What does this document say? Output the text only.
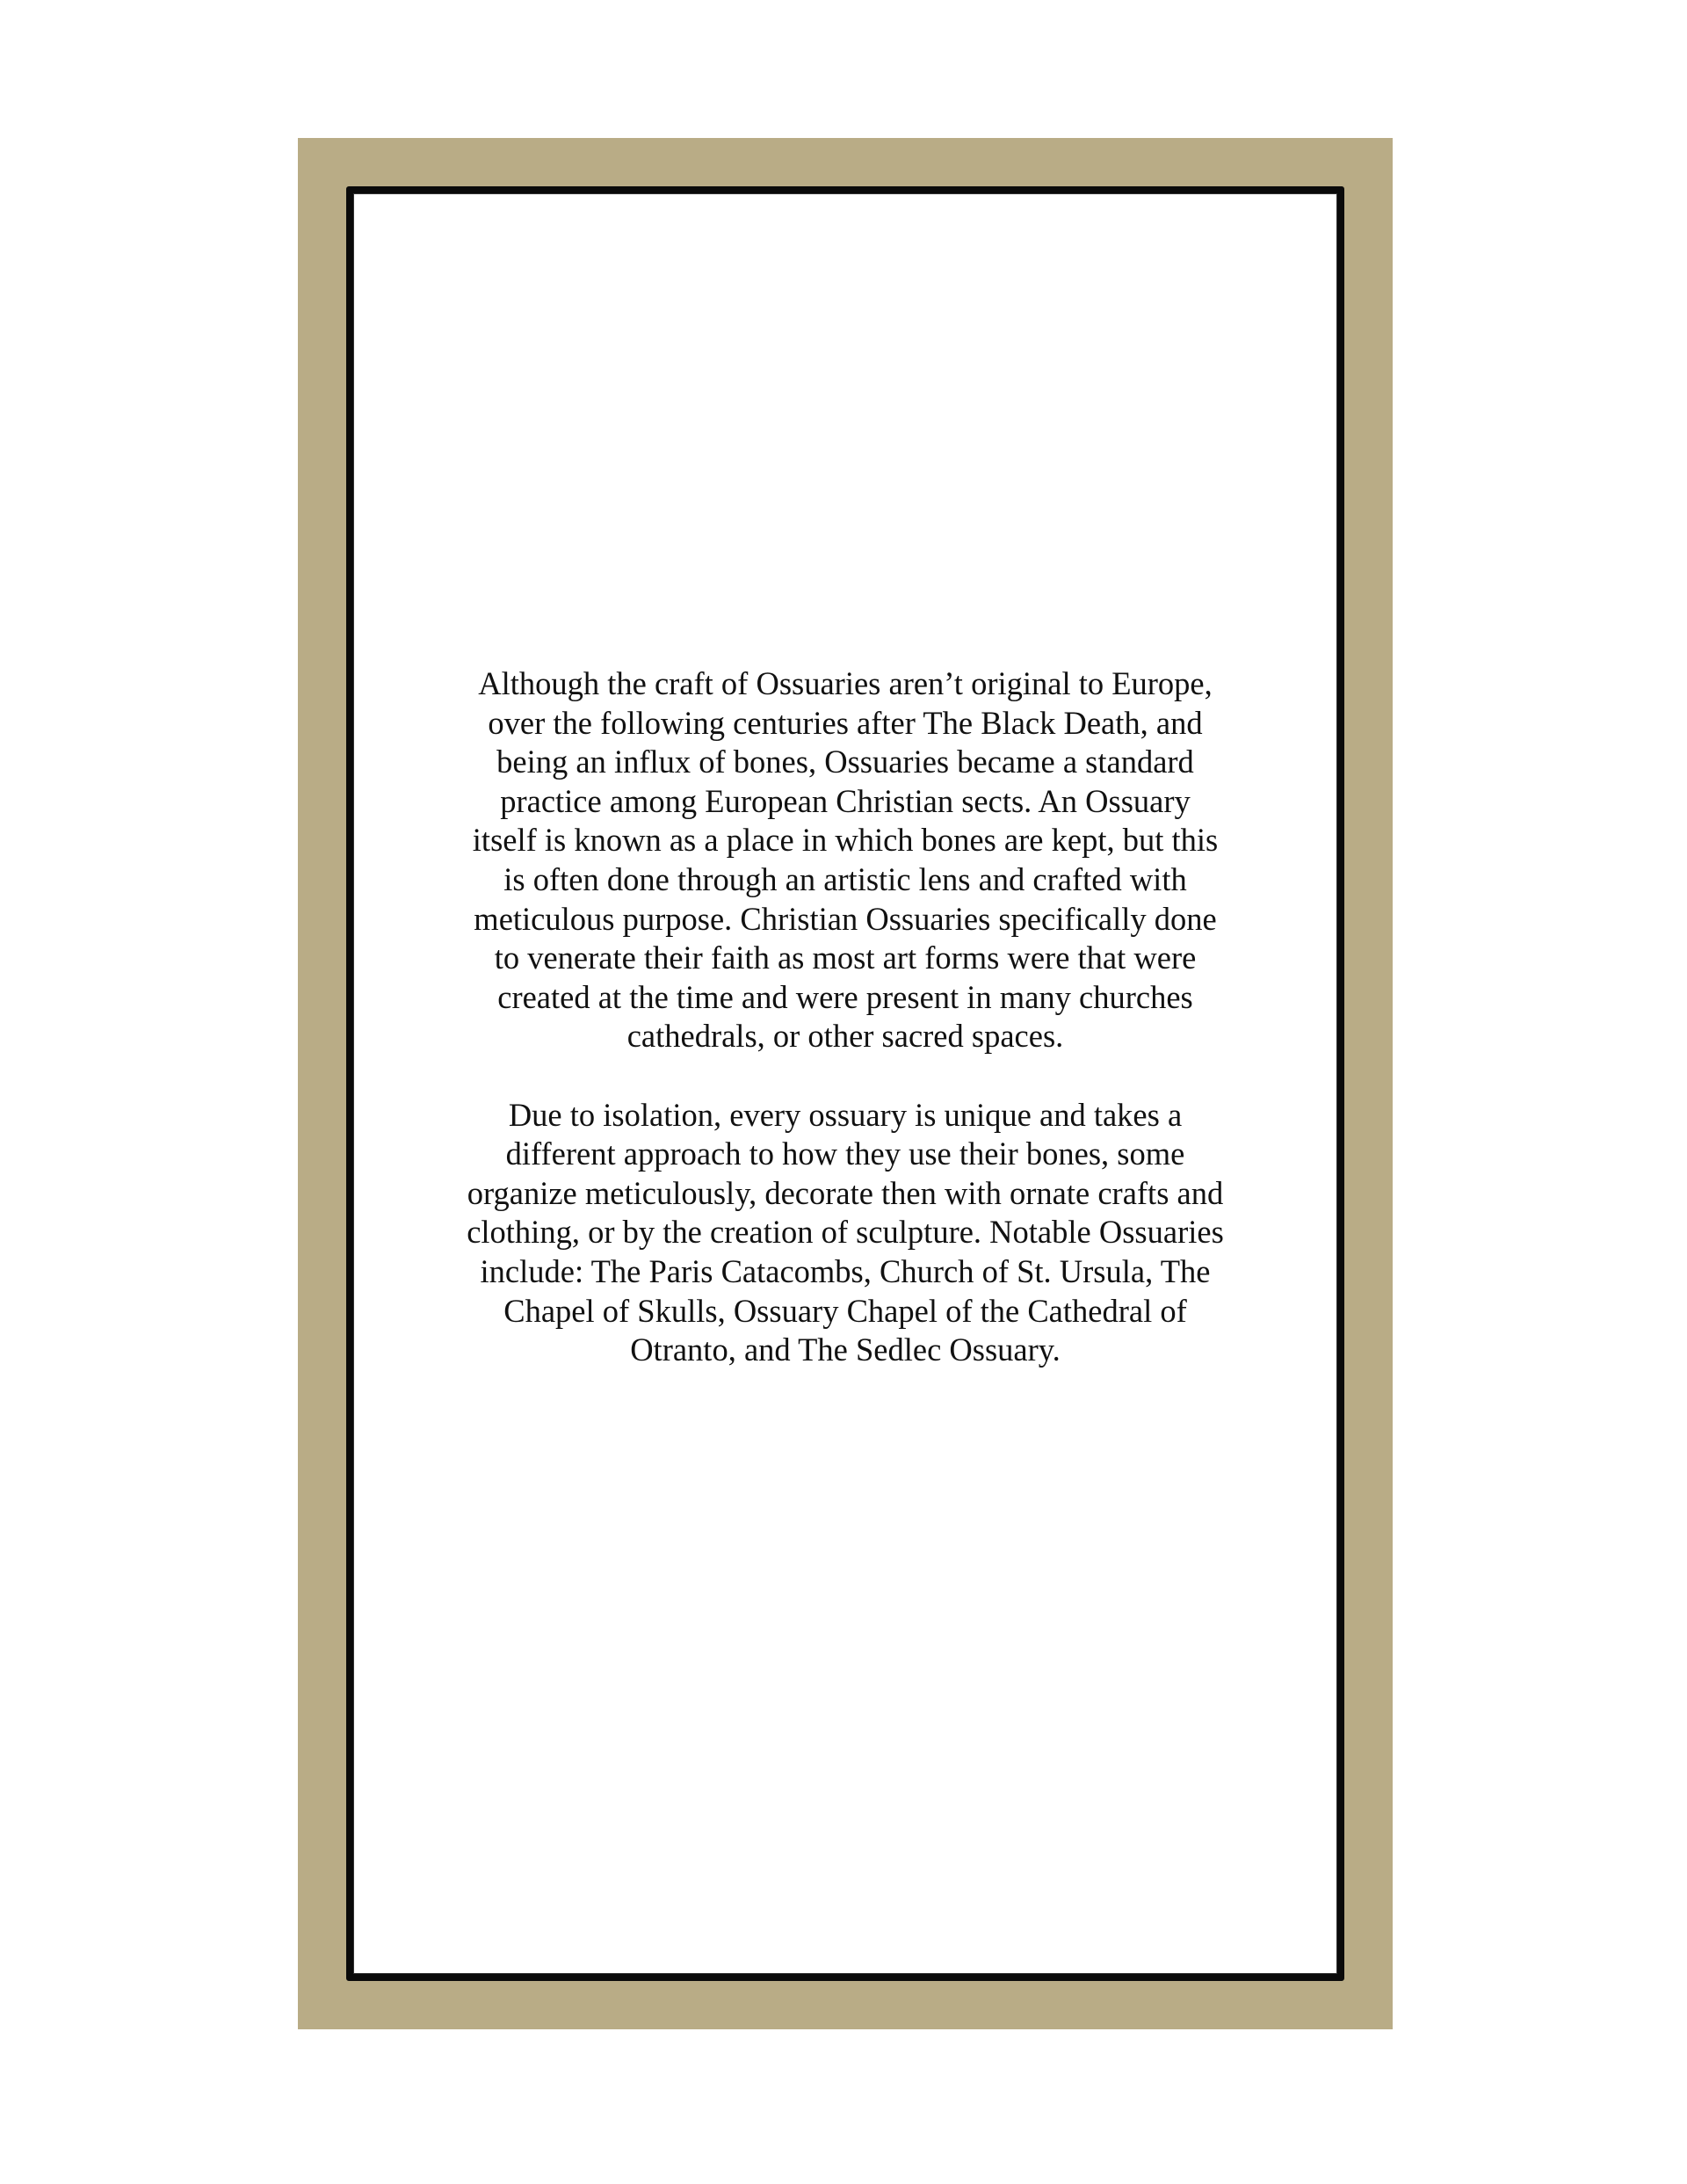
Although the craft of Ossuaries aren’t original to Europe,
over the following centuries after The Black Death, and
being an influx of bones, Ossuaries became a standard
practice among European Christian sects. An Ossuary
itself is known as a place in which bones are kept, but this
is often done through an artistic lens and crafted with
meticulous purpose. Christian Ossuaries specifically done
to venerate their faith as most art forms were that were
created at the time and were present in many churches
cathedrals, or other sacred spaces.

Due to isolation, every ossuary is unique and takes a
different approach to how they use their bones, some
organize meticulously, decorate then with ornate crafts and
clothing, or by the creation of sculpture. Notable Ossuaries
include: The Paris Catacombs, Church of St. Ursula, The
Chapel of Skulls, Ossuary Chapel of the Cathedral of
Otranto, and The Sedlec Ossuary.
